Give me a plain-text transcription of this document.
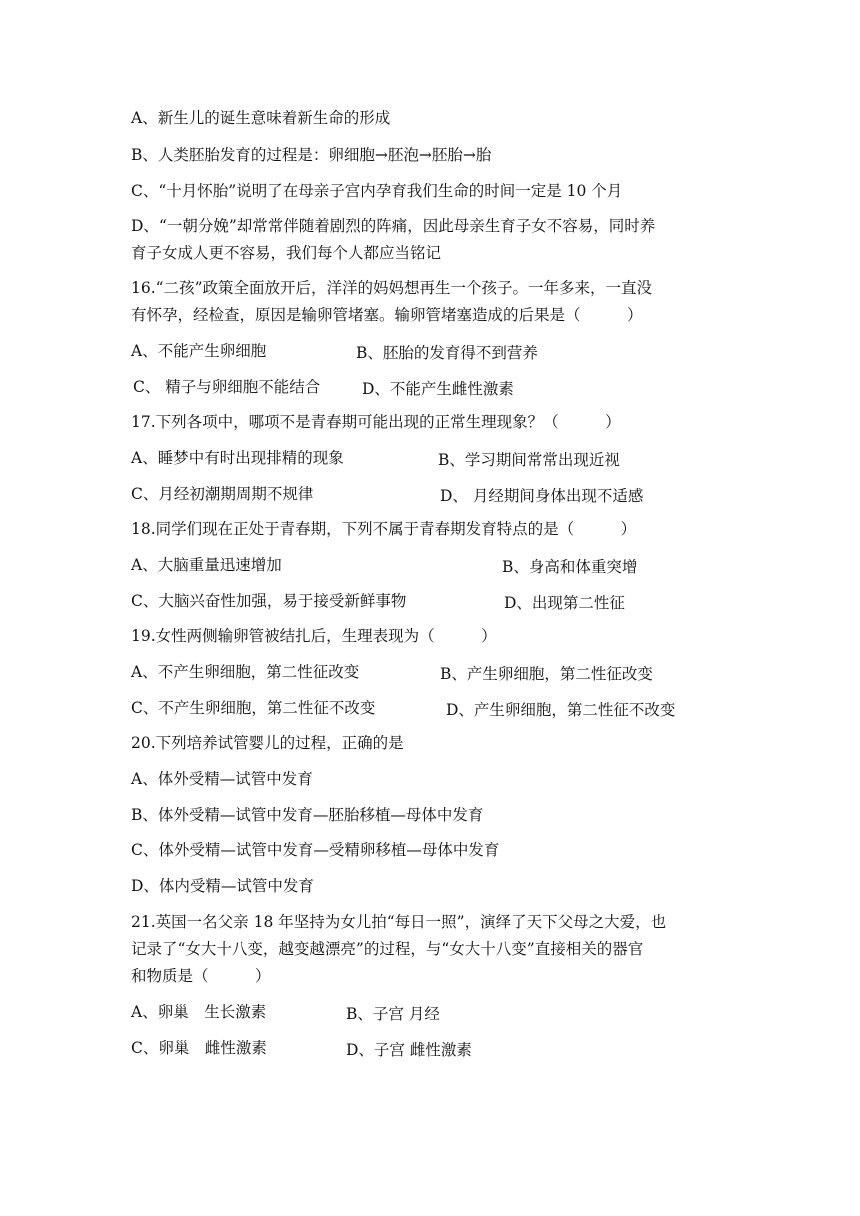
A、新生儿的诞生意味着新生命的形成
B、人类胚胎发育的过程是：卵细胞→胚泡→胚胎→胎
C、“十月怀胎”说明了在母亲子宫内孕育我们生命的时间一定是 10 个月
D、“一朝分娩”却常常伴随着剧烈的阵痛，因此母亲生育子女不容易，同时养
育子女成人更不容易，我们每个人都应当铭记
16.“二孩”政策全面放开后，洋洋的妈妈想再生一个孩子。一年多来，一直没
有怀孕，经检查，原因是输卵管堵塞。输卵管堵塞造成的后果是（　　　）
A、不能产生卵细胞	B、胚胎的发育得不到营养
C、 精子与卵细胞不能结合	D、不能产生雌性激素
17.下列各项中，哪项不是青春期可能出现的正常生理现象？（　　　）
A、睡梦中有时出现排精的现象	B、学习期间常常出现近视
C、月经初潮期周期不规律	D、 月经期间身体出现不适感
18.同学们现在正处于青春期，下列不属于青春期发育特点的是（　　　）
A、大脑重量迅速增加	B、身高和体重突增
C、大脑兴奋性加强，易于接受新鲜事物	D、出现第二性征
19.女性两侧输卵管被结扎后，生理表现为（　　　）
A、不产生卵细胞，第二性征改变	B、产生卵细胞，第二性征改变
C、不产生卵细胞，第二性征不改变	D、产生卵细胞，第二性征不改变
20.下列培养试管婴儿的过程，正确的是
A、体外受精—试管中发育
B、体外受精—试管中发育—胚胎移植—母体中发育
C、体外受精—试管中发育—受精卵移植—母体中发育
D、体内受精—试管中发育
21.英国一名父亲 18 年坚持为女儿拍“每日一照”，演绎了天下父母之大爱，也
记录了“女大十八变，越变越漂亮”的过程，与“女大十八变”直接相关的器官
和物质是（　　　）
A、卵巢　生长激素	B、子宫 月经
C、卵巢　雌性激素	D、子宫 雌性激素
